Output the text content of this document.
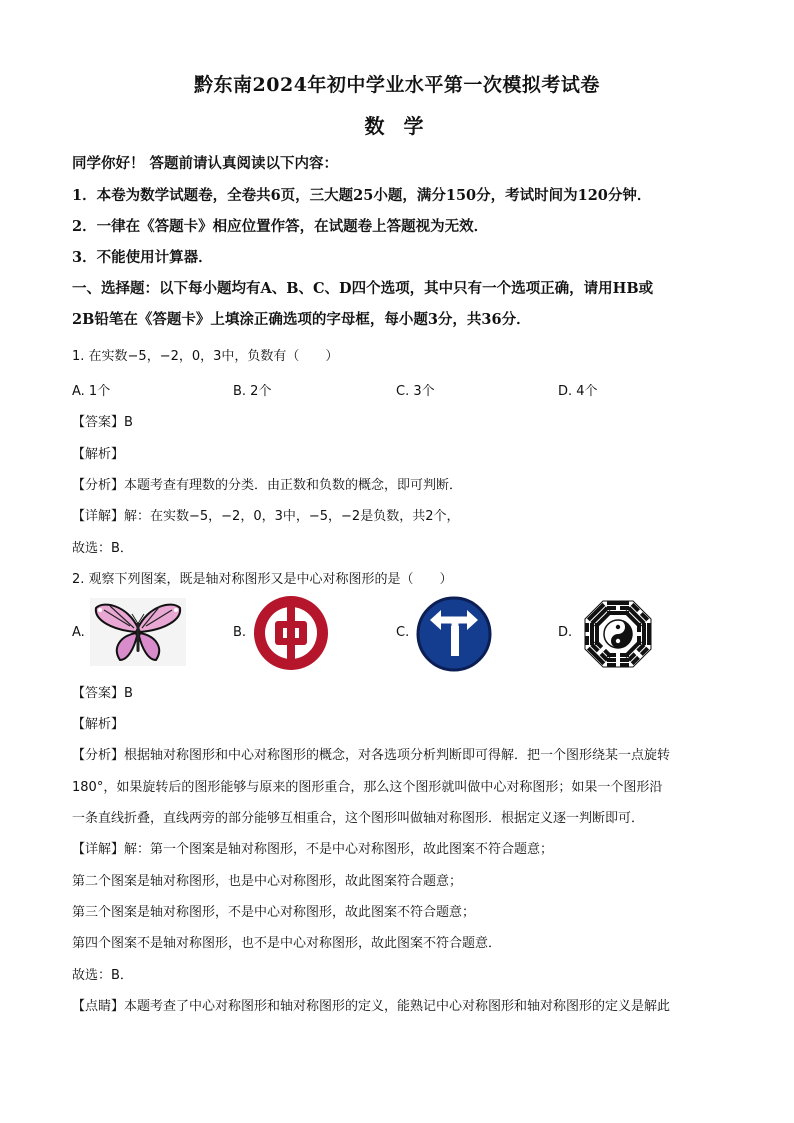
黔东南2024年初中学业水平第一次模拟考试卷
数 学
同学你好！ 答题前请认真阅读以下内容：
1．本卷为数学试题卷，全卷共6页，三大题25小题，满分150分，考试时间为120分钟．
2．一律在《答题卡》相应位置作答，在试题卷上答题视为无效．
3．不能使用计算器．
一、选择题：以下每小题均有A、B、C、D四个选项，其中只有一个选项正确，请用HB或
2B铅笔在《答题卡》上填涂正确选项的字母框，每小题3分，共36分．
1. 在实数−5，−2，0，3中，负数有（　　）
A. 1个	B. 2个	C. 3个	D. 4个
【答案】B
【解析】
【分析】本题考查有理数的分类．由正数和负数的概念，即可判断．
【详解】解：在实数−5，−2，0，3中，−5，−2是负数，共2个，
故选：B．
2. 观察下列图案，既是轴对称图形又是中心对称图形的是（　　）
A.	B.	C.	D.
【答案】B
【解析】
【分析】根据轴对称图形和中心对称图形的概念，对各选项分析判断即可得解．把一个图形绕某一点旋转
180°，如果旋转后的图形能够与原来的图形重合，那么这个图形就叫做中心对称图形；如果一个图形沿
一条直线折叠，直线两旁的部分能够互相重合，这个图形叫做轴对称图形．根据定义逐一判断即可．
【详解】解：第一个图案是轴对称图形，不是中心对称图形，故此图案不符合题意；
第二个图案是轴对称图形，也是中心对称图形，故此图案符合题意；
第三个图案是轴对称图形，不是中心对称图形，故此图案不符合题意；
第四个图案不是轴对称图形，也不是中心对称图形，故此图案不符合题意．
故选：B．
【点睛】本题考查了中心对称图形和轴对称图形的定义，能熟记中心对称图形和轴对称图形的定义是解此
